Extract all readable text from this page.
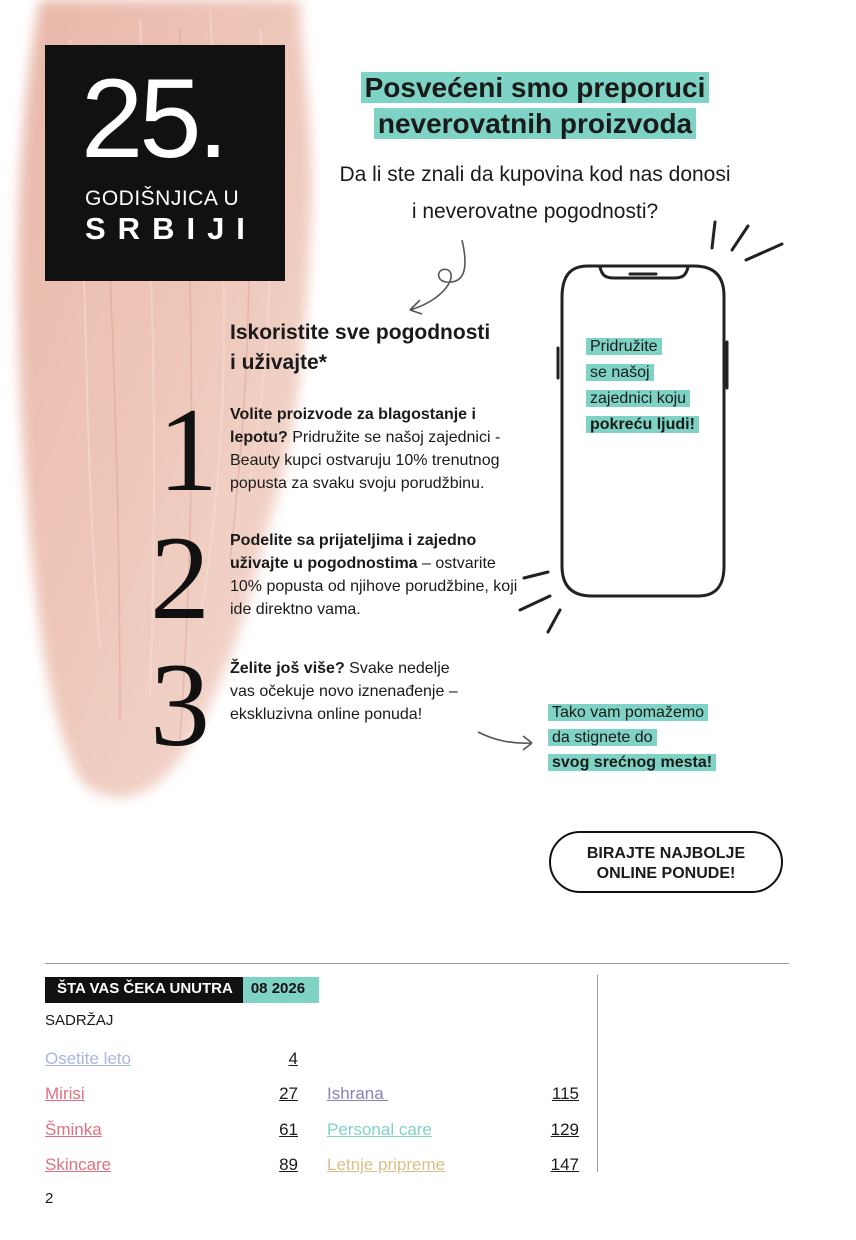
25.
GODIŠNJICA U
SRBIJI
Posvećeni smo preporuci
neverovatnih proizvoda
Da li ste znali da kupovina kod nas donosi
i neverovatne pogodnosti?
Iskoristite sve pogodnosti
i uživajte*
1 Volite proizvode za blagostanje i lepotu? Pridružite se našoj zajednici - Beauty kupci ostvaruju 10% trenutnog popusta za svaku svoju porudžbinu.
2 Podelite sa prijateljima i zajedno uživajte u pogodnostima – ostvarite 10% popusta od njihove porudžbine, koji ide direktno vama.
3 Želite još više? Svake nedelje vas očekuje novo iznenađenje – ekskluzivna online ponuda!
Pridružite
se našoj
zajednici koju
pokreću ljudi!
Tako vam pomažemo
da stignete do
svog srećnog mesta!
BIRAJTE NAJBOLJE
ONLINE PONUDE!
ŠTA VAS ČEKA UNUTRA	08 2026
SADRŽAJ
Osetite leto	4
Mirisi	27
Šminka	61
Skincare	89
Ishrana	115
Personal care	129
Letnje pripreme	147
2
